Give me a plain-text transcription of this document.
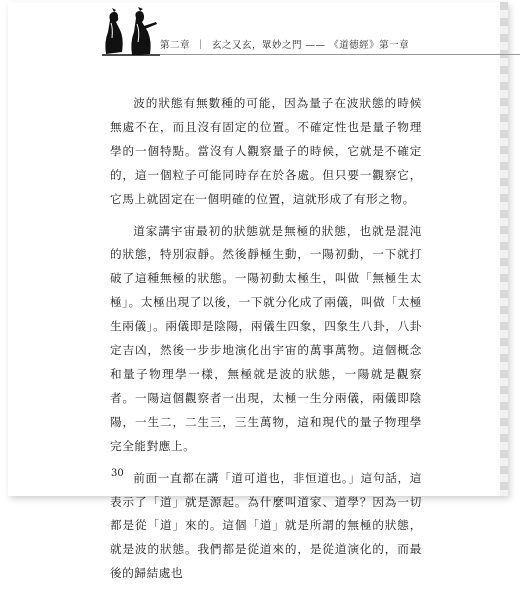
第二章 ｜ 玄之又玄，眾妙之門 —— 《道德經》第一章

波的狀態有無數種的可能，因為量子在波狀態的時候無處不在，而且沒有固定的位置。不確定性也是量子物理學的一個特點。當沒有人觀察量子的時候，它就是不確定的，這一個粒子可能同時存在於各處。但只要一觀察它，它馬上就固定在一個明確的位置，這就形成了有形之物。

道家講宇宙最初的狀態就是無極的狀態，也就是混沌的狀態，特別寂靜。然後靜極生動，一陽初動，一下就打破了這種無極的狀態。一陽初動太極生，叫做「無極生太極」。太極出現了以後，一下就分化成了兩儀，叫做「太極生兩儀」。兩儀即是陰陽，兩儀生四象，四象生八卦，八卦定吉凶，然後一步步地演化出宇宙的萬事萬物。這個概念和量子物理學一樣，無極就是波的狀態，一陽就是觀察者。一陽這個觀察者一出現，太極一生分兩儀，兩儀即陰陽，一生二，二生三，三生萬物，這和現代的量子物理學完全能對應上。

前面一直都在講「道可道也，非恒道也。」這句話，這表示了「道」就是源起。為什麼叫道家、道學？因為一切都是從「道」來的。這個「道」就是所謂的無極的狀態，就是波的狀態。我們都是從道來的，是從道演化的，而最後的歸結處也

30
